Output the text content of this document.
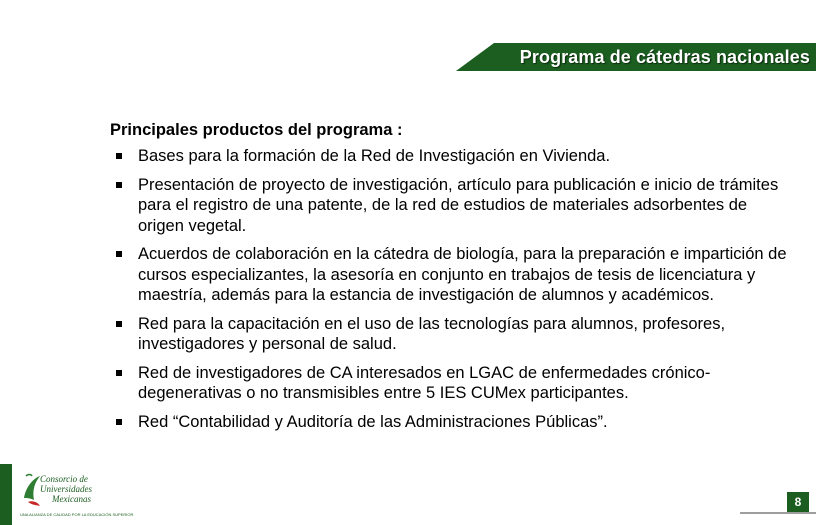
Programa de cátedras nacionales
Principales productos del programa :
Bases para la formación de la Red de Investigación en Vivienda.
Presentación de proyecto de investigación, artículo para publicación e inicio de trámites para el registro de una patente, de la red de estudios de materiales adsorbentes de origen vegetal.
Acuerdos de colaboración en la cátedra de biología, para la preparación e impartición de cursos especializantes, la asesoría en conjunto en trabajos de tesis de licenciatura y maestría, además para la estancia de investigación de alumnos y académicos.
Red para la capacitación en el uso de las tecnologías para alumnos, profesores, investigadores y personal de salud.
Red de investigadores de CA interesados en LGAC de enfermedades crónico-degenerativas o no transmisibles entre 5 IES CUMex participantes.
Red “Contabilidad y Auditoría de las Administraciones Públicas”.
Consorcio de
Universidades
Mexicanas
UNA ALIANZA DE CALIDAD POR LA EDUCACIÓN SUPERIOR
8
